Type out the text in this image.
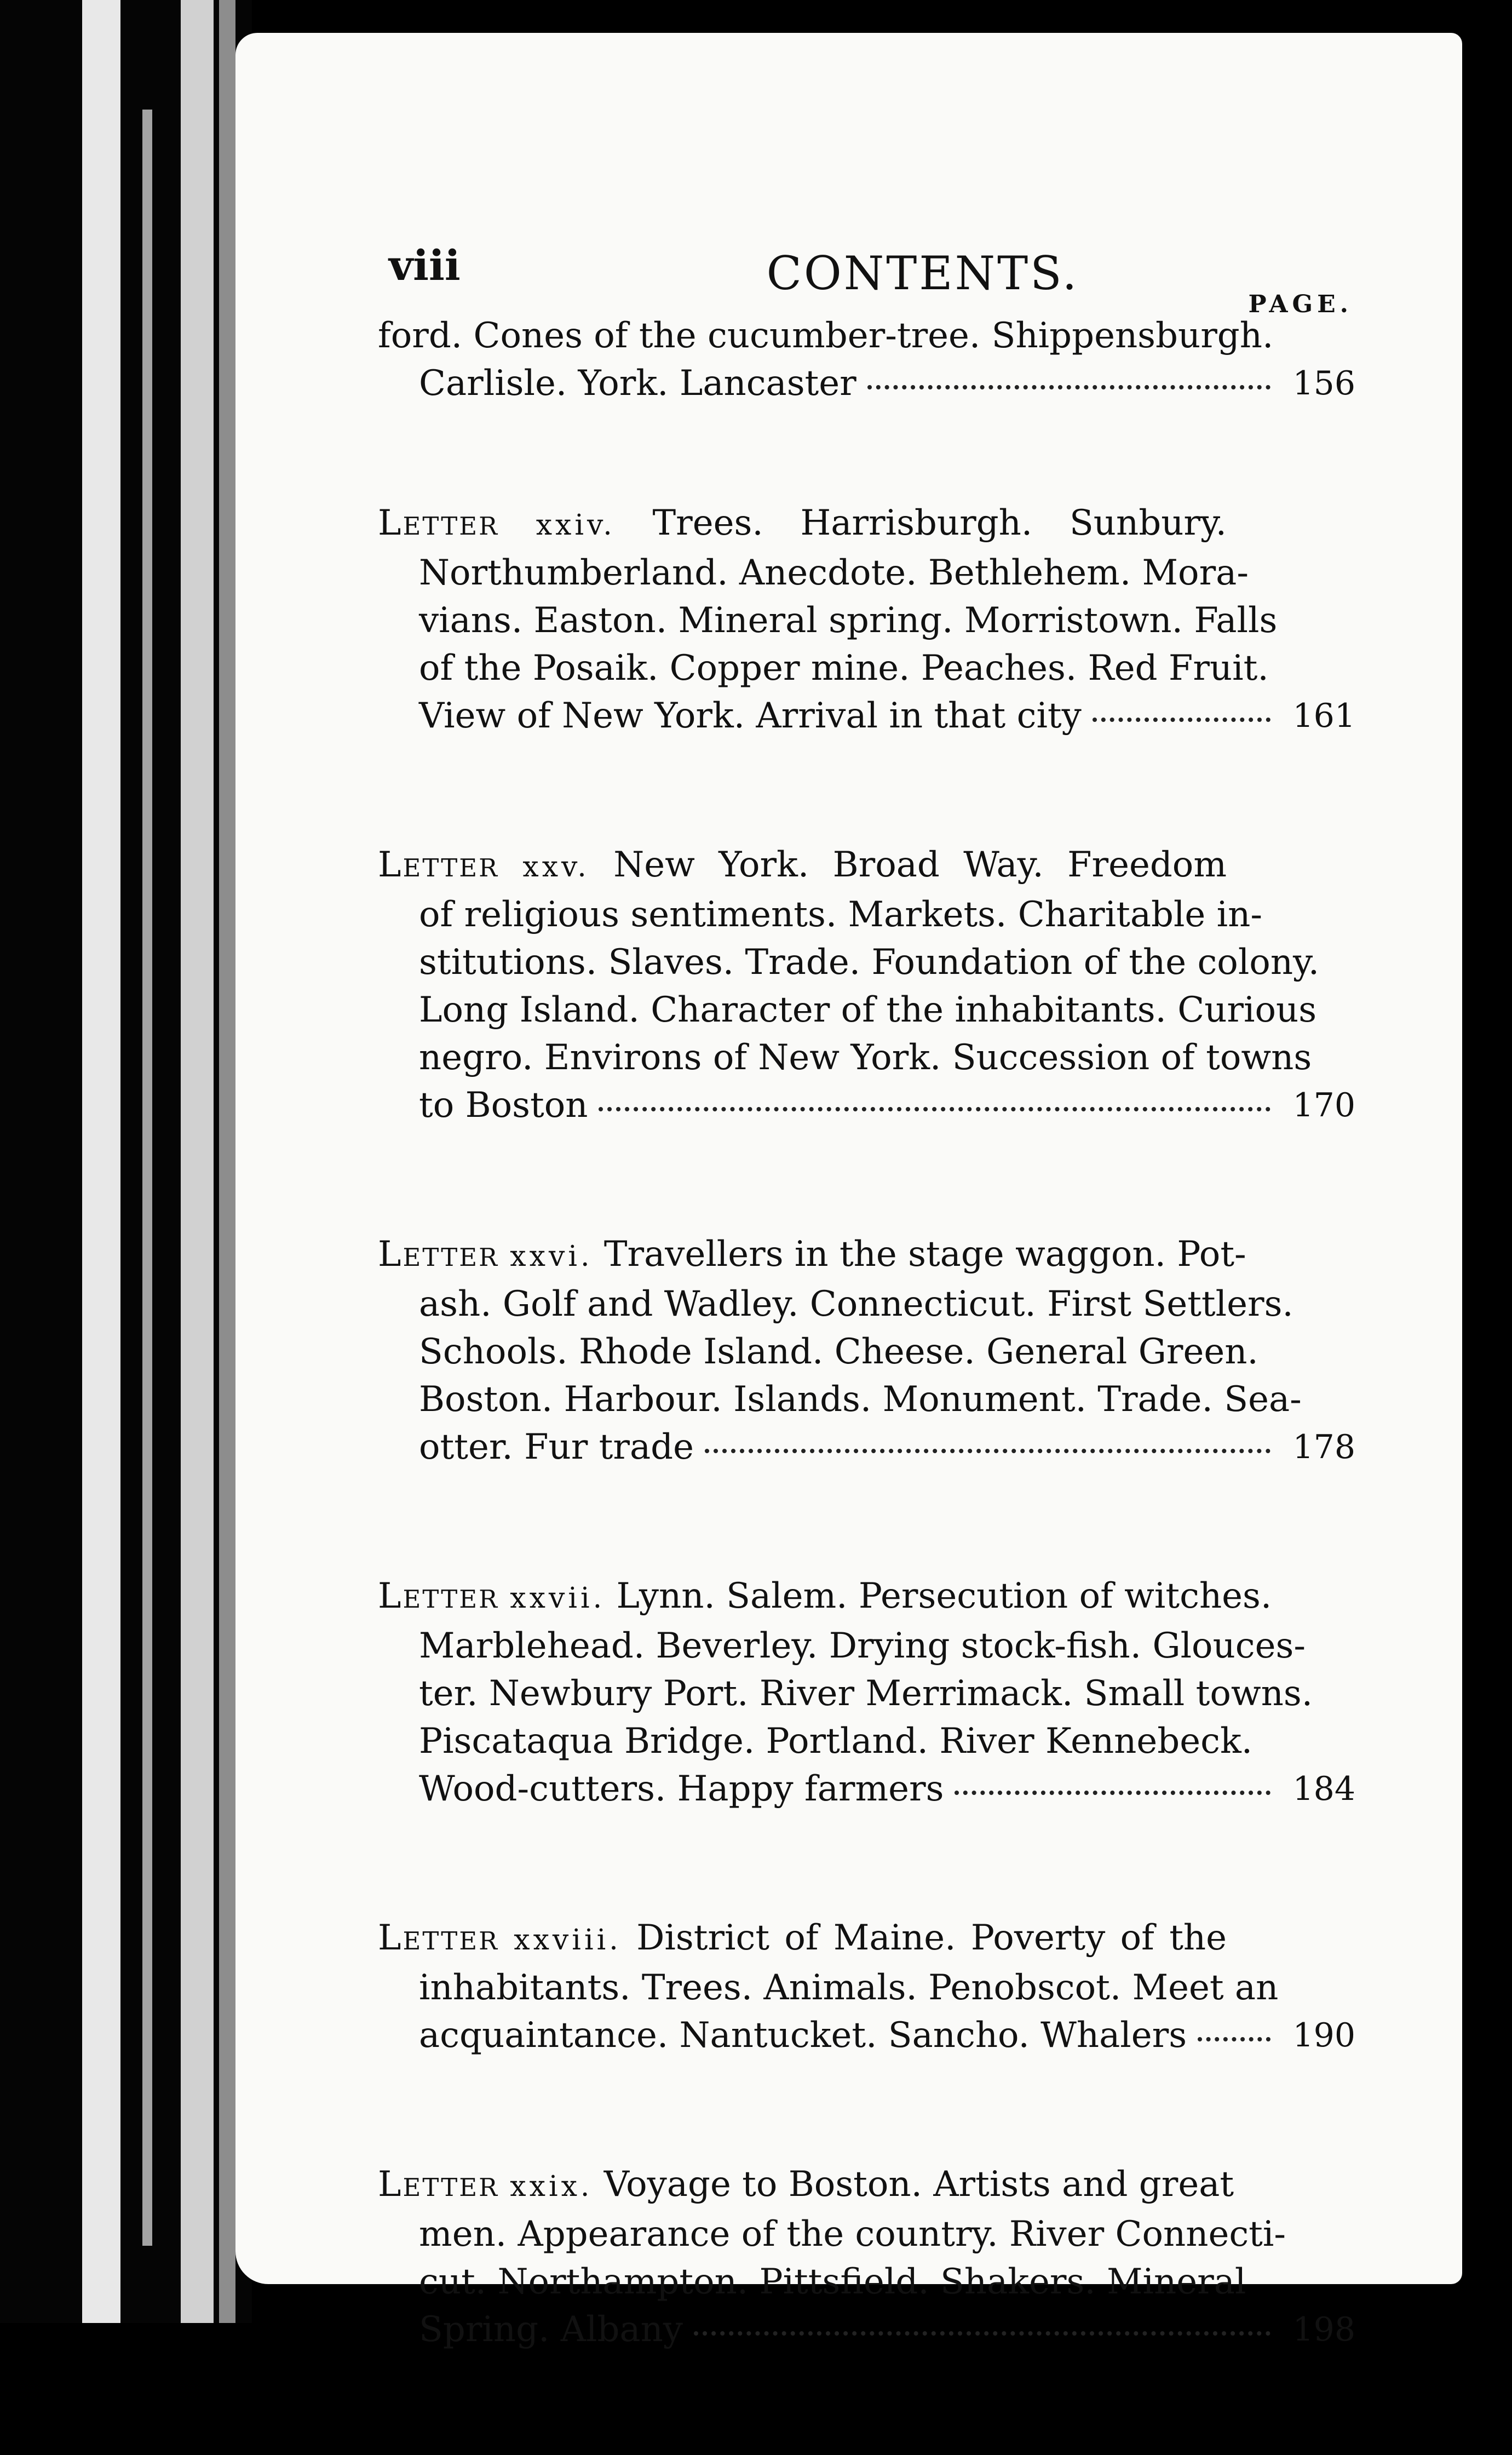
viii	CONTENTS.
PAGE.
ford. Cones of the cucumber-tree. Shippensburgh.
Carlisle. York. Lancaster	156
Letter xxiv. Trees. Harrisburgh. Sunbury.
Northumberland. Anecdote. Bethlehem. Mora-
vians. Easton. Mineral spring. Morristown. Falls
of the Posaik. Copper mine. Peaches. Red Fruit.
View of New York. Arrival in that city	161
Letter xxv. New York. Broad Way. Freedom
of religious sentiments. Markets. Charitable in-
stitutions. Slaves. Trade. Foundation of the colony.
Long Island. Character of the inhabitants. Curious
negro. Environs of New York. Succession of towns
to Boston	170
Letter xxvi. Travellers in the stage waggon. Pot-
ash. Golf and Wadley. Connecticut. First Settlers.
Schools. Rhode Island. Cheese. General Green.
Boston. Harbour. Islands. Monument. Trade. Sea-
otter. Fur trade	178
Letter xxvii. Lynn. Salem. Persecution of witches.
Marblehead. Beverley. Drying stock-fish. Glouces-
ter. Newbury Port. River Merrimack. Small towns.
Piscataqua Bridge. Portland. River Kennebeck.
Wood-cutters. Happy farmers	184
Letter xxviii. District of Maine. Poverty of the
inhabitants. Trees. Animals. Penobscot. Meet an
acquaintance. Nantucket. Sancho. Whalers	190
Letter xxix. Voyage to Boston. Artists and great
men. Appearance of the country. River Connecti-
cut. Northampton. Pittsfield. Shakers. Mineral
Spring. Albany	198
